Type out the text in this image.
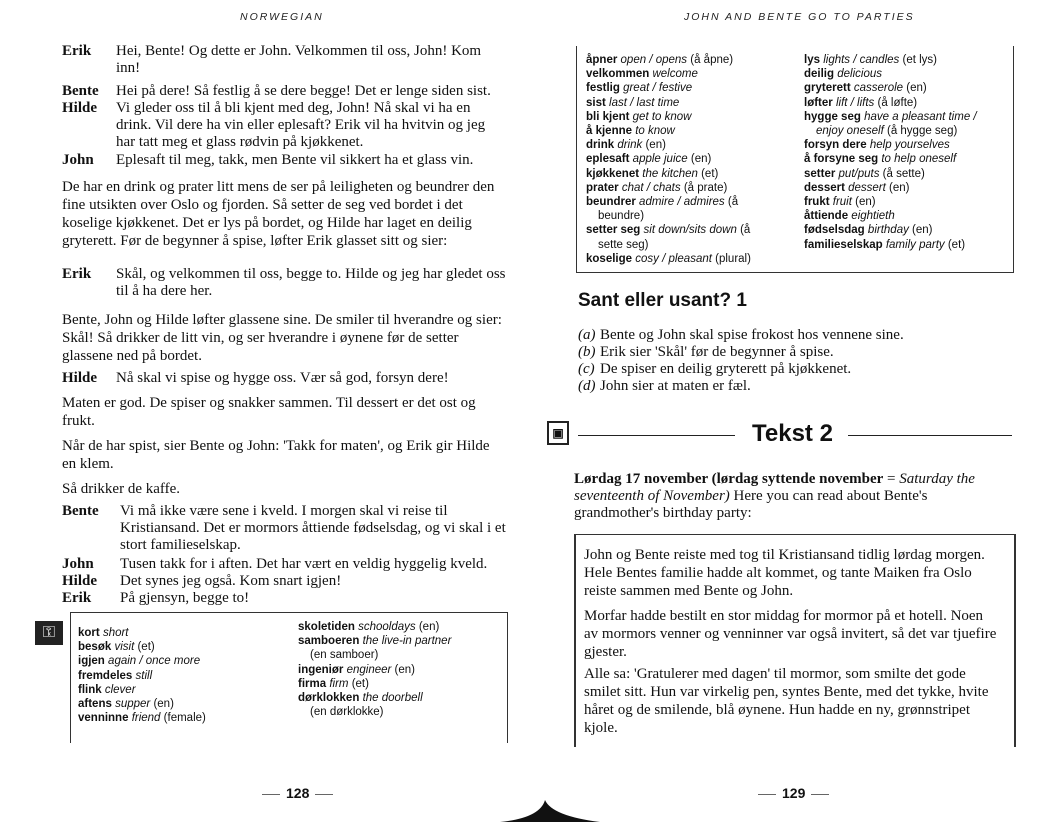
NORWEGIAN
Erik Hei, Bente! Og dette er John. Velkommen til oss, John! Kom inn!
Bente Hei på dere! Så festlig å se dere begge! Det er lenge siden sist.
Hilde Vi gleder oss til å bli kjent med deg, John! Nå skal vi ha en drink. Vil dere ha vin eller eplesaft? Erik vil ha hvitvin og jeg har tatt meg et glass rødvin på kjøkkenet.
John Eplesaft til meg, takk, men Bente vil sikkert ha et glass vin.
De har en drink og prater litt mens de ser på leiligheten og beundrer den fine utsikten over Oslo og fjorden. Så setter de seg ved bordet i det koselige kjøkkenet. Det er lys på bordet, og Hilde har laget en deilig gryterett. Før de begynner å spise, løfter Erik glasset sitt og sier:
Erik Skål, og velkommen til oss, begge to. Hilde og jeg har gledet oss til å ha dere her.
Bente, John og Hilde løfter glassene sine. De smiler til hverandre og sier: Skål! Så drikker de litt vin, og ser hverandre i øynene før de setter glassene ned på bordet.
Hilde Nå skal vi spise og hygge oss. Vær så god, forsyn dere!
Maten er god. De spiser og snakker sammen. Til dessert er det ost og frukt.
Når de har spist, sier Bente og John: 'Takk for maten', og Erik gir Hilde en klem.
Så drikker de kaffe.
Bente Vi må ikke være sene i kveld. I morgen skal vi reise til Kristiansand. Det er mormors åttiende fødselsdag, og vi skal i et stort familieselskap.
John Tusen takk for i aften. Det har vært en veldig hyggelig kveld.
Hilde Det synes jeg også. Kom snart igjen!
Erik På gjensyn, begge to!
⚿	kort short
besøk visit (et)
igjen again / once more
fremdeles still
flink clever
aftens supper (en)
venninne friend (female)
skoletiden schooldays (en)
samboeren the live-in partner
(en samboer)
ingeniør engineer (en)
firma firm (et)
dørklokken the doorbell
(en dørklokke)
128
JOHN AND BENTE GO TO PARTIES
åpner open / opens (å åpne)
velkommen welcome
festlig great / festive
sist last / last time
bli kjent get to know
å kjenne to know
drink drink (en)
eplesaft apple juice (en)
kjøkkenet the kitchen (et)
prater chat / chats (å prate)
beundrer admire / admires (å
beundre)
setter seg sit down/sits down (å
sette seg)
koselige cosy / pleasant (plural)
lys lights / candles (et lys)
deilig delicious
gryterett casserole (en)
løfter lift / lifts (å løfte)
hygge seg have a pleasant time /
enjoy oneself (å hygge seg)
forsyn dere help yourselves
å forsyne seg to help oneself
setter put/puts (å sette)
dessert dessert (en)
frukt fruit (en)
åttiende eightieth
fødselsdag birthday (en)
familieselskap family party (et)
Sant eller usant? 1
(a) Bente og John skal spise frokost hos vennene sine.
(b) Erik sier 'Skål' før de begynner å spise.
(c) De spiser en deilig gryterett på kjøkkenet.
(d) John sier at maten er fæl.
▣	Tekst 2
Lørdag 17 november (lørdag syttende november = Saturday the seventeenth of November) Here you can read about Bente's grandmother's birthday party:
John og Bente reiste med tog til Kristiansand tidlig lørdag morgen. Hele Bentes familie hadde alt kommet, og tante Maiken fra Oslo reiste sammen med Bente og John.
Morfar hadde bestilt en stor middag for mormor på et hotell. Noen av mormors venner og venninner var også invitert, så det var tjuefire gjester.
Alle sa: 'Gratulerer med dagen' til mormor, som smilte det gode smilet sitt. Hun var virkelig pen, syntes Bente, med det tykke, hvite håret og de smilende, blå øynene. Hun hadde en ny, grønnstripet kjole.
129
